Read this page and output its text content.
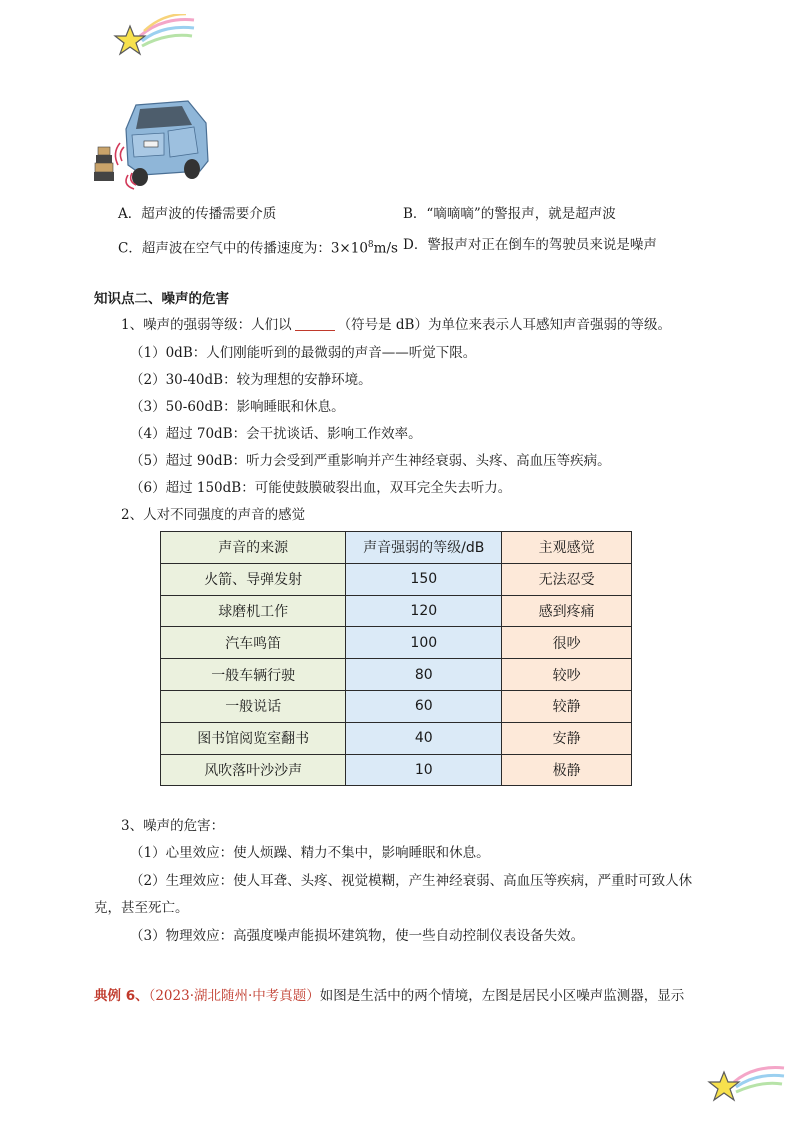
A．超声波的传播需要介质	B．“嘀嘀嘀”的警报声，就是超声波
C．超声波在空气中的传播速度为：$3\times 10^8m/s$ D．警报声对正在倒车的驾驶员来说是噪声
知识点二、噪声的危害
1、噪声的强弱等级：人们以	（符号是 dB）为单位来表示人耳感知声音强弱的等级。
（1）0dB：人们刚能听到的最微弱的声音——听觉下限。
（2）30-40dB：较为理想的安静环境。
（3）50-60dB：影响睡眠和休息。
（4）超过 70dB：会干扰谈话、影响工作效率。
（5）超过 90dB：听力会受到严重影响并产生神经衰弱、头疼、高血压等疾病。
（6）超过 150dB：可能使鼓膜破裂出血，双耳完全失去听力。
2、人对不同强度的声音的感觉
声音的来源	声音强弱的等级/dB	主观感觉
火箭、导弹发射	150	无法忍受
球磨机工作	120	感到疼痛
汽车鸣笛	100	很吵
一般车辆行驶	80	较吵
一般说话	60	较静
图书馆阅览室翻书	40	安静
风吹落叶沙沙声	10	极静
3、噪声的危害：
（1）心里效应：使人烦躁、精力不集中，影响睡眠和休息。
（2）生理效应：使人耳聋、头疼、视觉模糊，产生神经衰弱、高血压等疾病，严重时可致人休
克，甚至死亡。
（3）物理效应：高强度噪声能损坏建筑物，使一些自动控制仪表设备失效。
典例 6、（2023·湖北随州·中考真题）如图是生活中的两个情境，左图是居民小区噪声监测器，显示
